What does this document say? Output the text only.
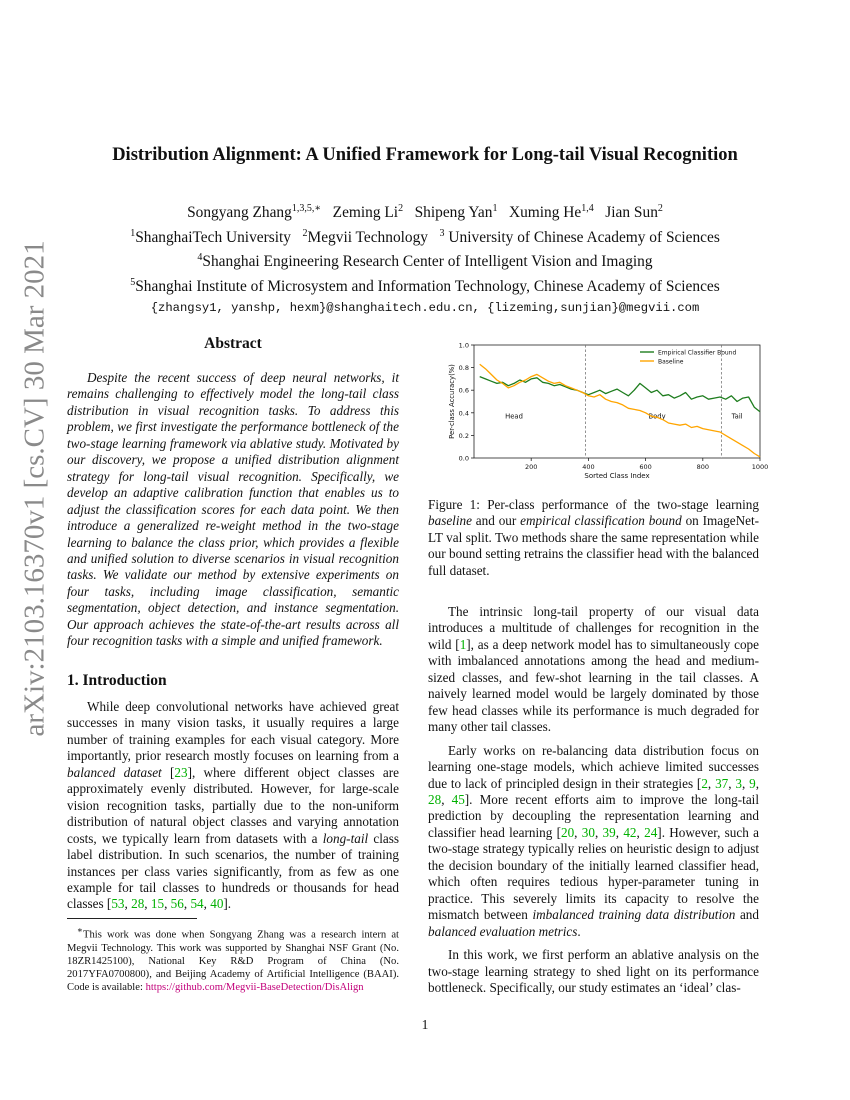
arXiv:2103.16370v1 [cs.CV] 30 Mar 2021
Distribution Alignment: A Unified Framework for Long-tail Visual Recognition
Songyang Zhang$^{1,3,5,∗}$ Zeming Li$^2$ Shipeng Yan$^1$ Xuming He$^{1,4}$ Jian Sun$^2$
$^1$ShanghaiTech University $^2$Megvii Technology $^3$ University of Chinese Academy of Sciences
$^4$Shanghai Engineering Research Center of Intelligent Vision and Imaging
$^5$Shanghai Institute of Microsystem and Information Technology, Chinese Academy of Sciences
{zhangsy1, yanshp, hexm}@shanghaitech.edu.cn, {lizeming,sunjian}@megvii.com
Abstract

Despite the recent success of deep neural networks, it remains challenging to effectively model the long-tail class distribution in visual recognition tasks. To address this problem, we first investigate the performance bottleneck of the two-stage learning framework via ablative study. Motivated by our discovery, we propose a unified distribution alignment strategy for long-tail visual recognition. Specifically, we develop an adaptive calibration function that enables us to adjust the classification scores for each data point. We then introduce a generalized re-weight method in the two-stage learning to balance the class prior, which provides a flexible and unified solution to diverse scenarios in visual recognition tasks. We validate our method by extensive experiments on four tasks, including image classification, semantic segmentation, object detection, and instance segmentation. Our approach achieves the state-of-the-art results across all four recognition tasks with a simple and unified framework.

1. Introduction

While deep convolutional networks have achieved great successes in many vision tasks, it usually requires a large number of training examples for each visual category. More importantly, prior research mostly focuses on learning from a balanced dataset [23], where different object classes are approximately evenly distributed. However, for large-scale vision recognition tasks, partially due to the non-uniform distribution of natural object classes and varying annotation costs, we typically learn from datasets with a long-tail class label distribution. In such scenarios, the number of training instances per class varies significantly, from as few as one example for tail classes to hundreds or thousands for head classes [53, 28, 15, 56, 54, 40].

∗This work was done when Songyang Zhang was a research intern at Megvii Technology. This work was supported by Shanghai NSF Grant (No. 18ZR1425100), National Key R&D Program of China (No. 2017YFA0700800), and Beijing Academy of Artificial Intelligence (BAAI). Code is available: https://github.com/Megvii-BaseDetection/DisAlign

0.0
0.2
0.4
0.6
0.8
1.0
200	400	600	800	1000
Sorted Class Index
Per-class Accuracy(%)	Head	Body	Tail
Empirical Classifier Bound
Baseline

Figure 1: Per-class performance of the two-stage learning baseline and our empirical classification bound on ImageNet-LT val split. Two methods share the same representation while our bound setting retrains the classifier head with the balanced full dataset.

The intrinsic long-tail property of our visual data introduces a multitude of challenges for recognition in the wild [1], as a deep network model has to simultaneously cope with imbalanced annotations among the head and medium-sized classes, and few-shot learning in the tail classes. A naively learned model would be largely dominated by those few head classes while its performance is much degraded for many other tail classes.

Early works on re-balancing data distribution focus on learning one-stage models, which achieve limited successes due to lack of principled design in their strategies [2, 37, 3, 9, 28, 45]. More recent efforts aim to improve the long-tail prediction by decoupling the representation learning and classifier head learning [20, 30, 39, 42, 24]. However, such a two-stage strategy typically relies on heuristic design to adjust the decision boundary of the initially learned classifier head, which often requires tedious hyper-parameter tuning in practice. This severely limits its capacity to resolve the mismatch between imbalanced training data distribution and balanced evaluation metrics.

In this work, we first perform an ablative analysis on the two-stage learning strategy to shed light on its performance bottleneck. Specifically, our study estimates an ‘ideal’ clas-

1
